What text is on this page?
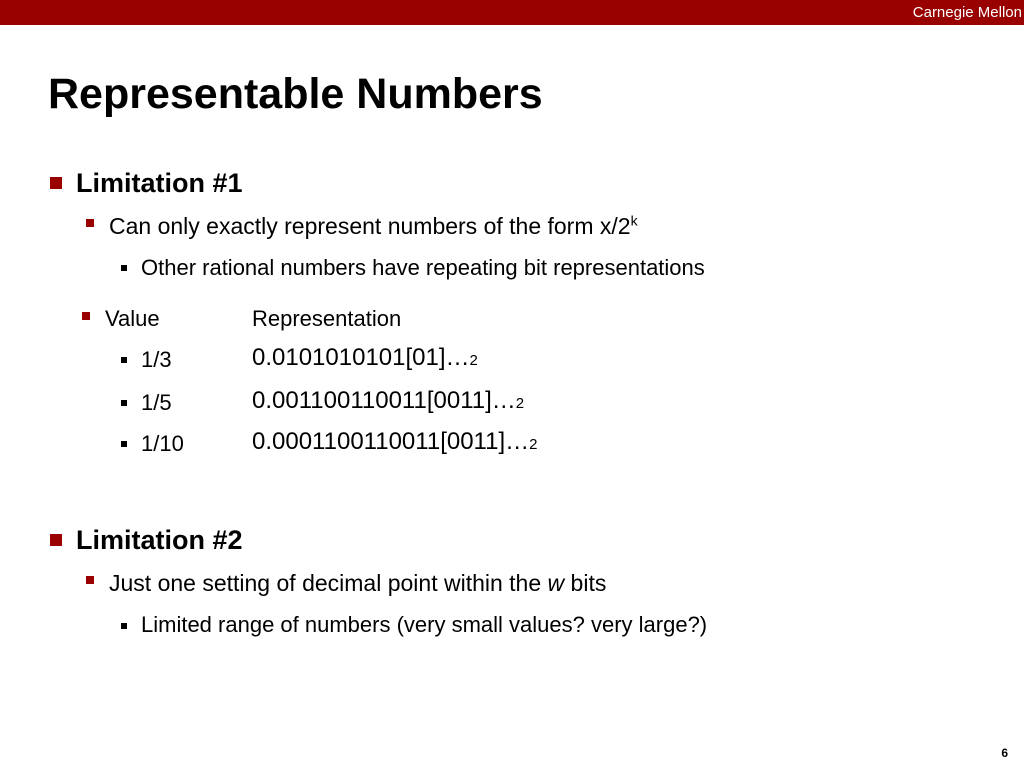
Carnegie Mellon
Representable Numbers
Limitation #1
Can only exactly represent numbers of the form x/2$^k$
Other rational numbers have repeating bit representations
Value	Representation
1/3	0.0101010101[01]…2
1/5	0.001100110011[0011]…2
1/10	0.0001100110011[0011]…2
Limitation #2
Just one setting of decimal point within the w bits
Limited range of numbers (very small values? very large?)
6
